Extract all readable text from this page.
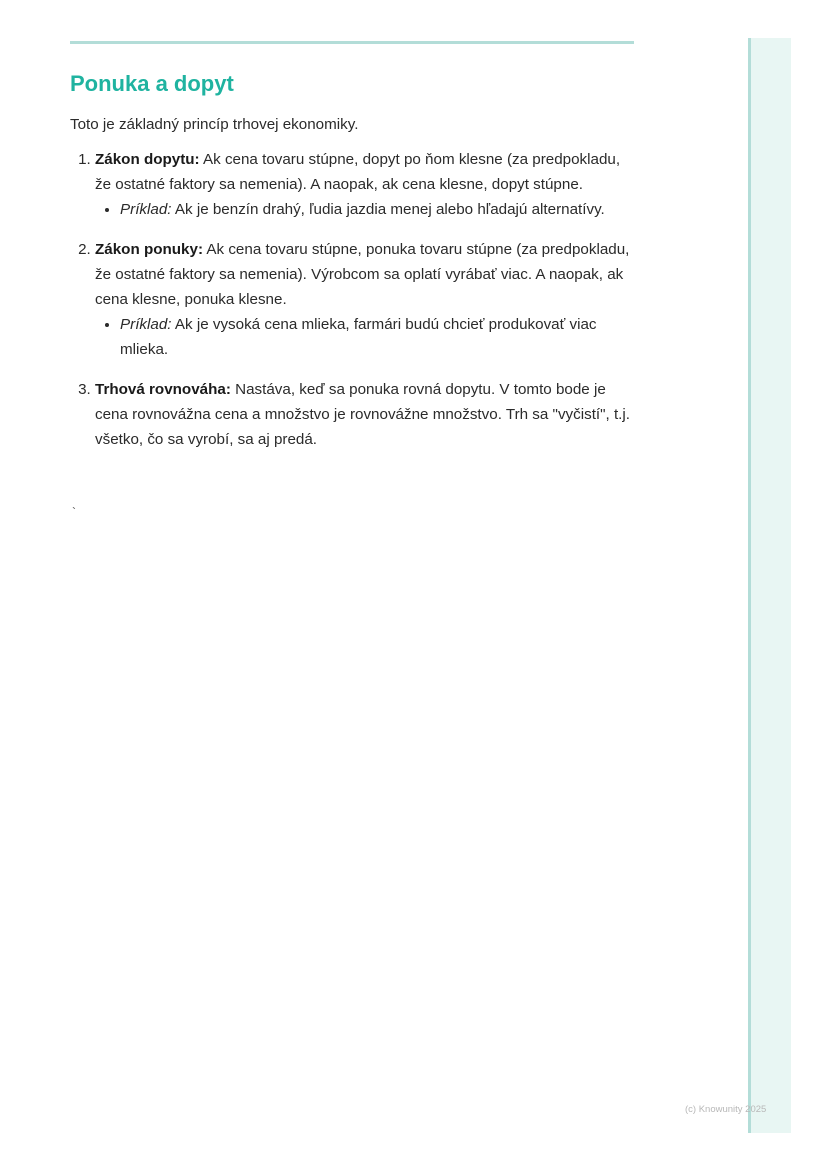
Ponuka a dopyt

Toto je základný princíp trhovej ekonomiky.

1. Zákon dopytu: Ak cena tovaru stúpne, dopyt po ňom klesne (za predpokladu, že ostatné faktory sa nemenia). A naopak, ak cena klesne, dopyt stúpne.
• Príklad: Ak je benzín drahý, ľudia jazdia menej alebo hľadajú alternatívy.
2. Zákon ponuky: Ak cena tovaru stúpne, ponuka tovaru stúpne (za predpokladu, že ostatné faktory sa nemenia). Výrobcom sa oplatí vyrábať viac. A naopak, ak cena klesne, ponuka klesne.
• Príklad: Ak je vysoká cena mlieka, farmári budú chcieť produkovať viac mlieka.
3. Trhová rovnováha: Nastáva, keď sa ponuka rovná dopytu. V tomto bode je cena rovnovážna cena a množstvo je rovnovážne množstvo. Trh sa "vyčistí", t.j. všetko, čo sa vyrobí, sa aj predá.
`
(c) Knowunity 2025
